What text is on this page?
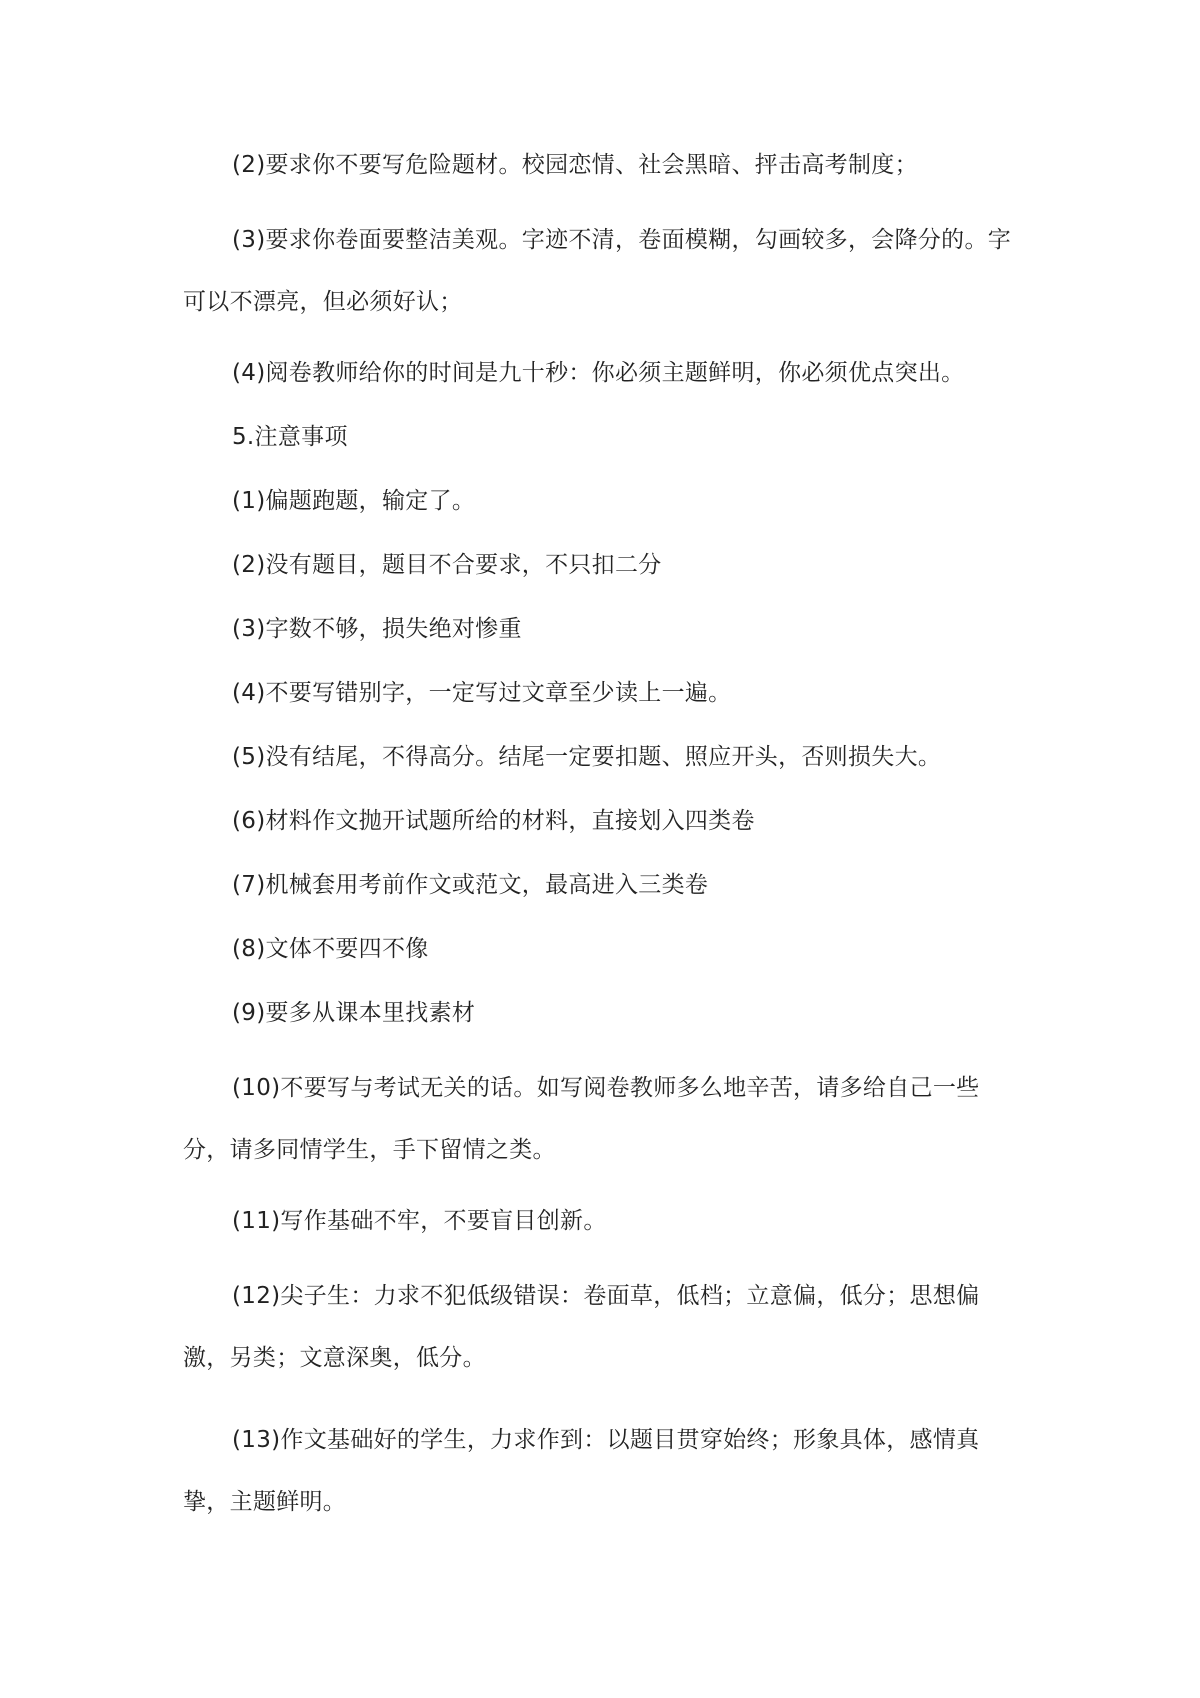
(2)要求你不要写危险题材。校园恋情、社会黑暗、抨击高考制度；

(3)要求你卷面要整洁美观。字迹不清，卷面模糊，勾画较多，会降分的。字可以不漂亮，但必须好认；

(4)阅卷教师给你的时间是九十秒：你必须主题鲜明，你必须优点突出。

5.注意事项

(1)偏题跑题，输定了。

(2)没有题目，题目不合要求，不只扣二分

(3)字数不够，损失绝对惨重

(4)不要写错别字，一定写过文章至少读上一遍。

(5)没有结尾，不得高分。结尾一定要扣题、照应开头，否则损失大。

(6)材料作文抛开试题所给的材料，直接划入四类卷

(7)机械套用考前作文或范文，最高进入三类卷

(8)文体不要四不像

(9)要多从课本里找素材

(10)不要写与考试无关的话。如写阅卷教师多么地辛苦，请多给自己一些分，请多同情学生，手下留情之类。

(11)写作基础不牢，不要盲目创新。

(12)尖子生：力求不犯低级错误：卷面草，低档；立意偏，低分；思想偏激，另类；文意深奥，低分。

(13)作文基础好的学生，力求作到：以题目贯穿始终；形象具体，感情真挚，主题鲜明。
